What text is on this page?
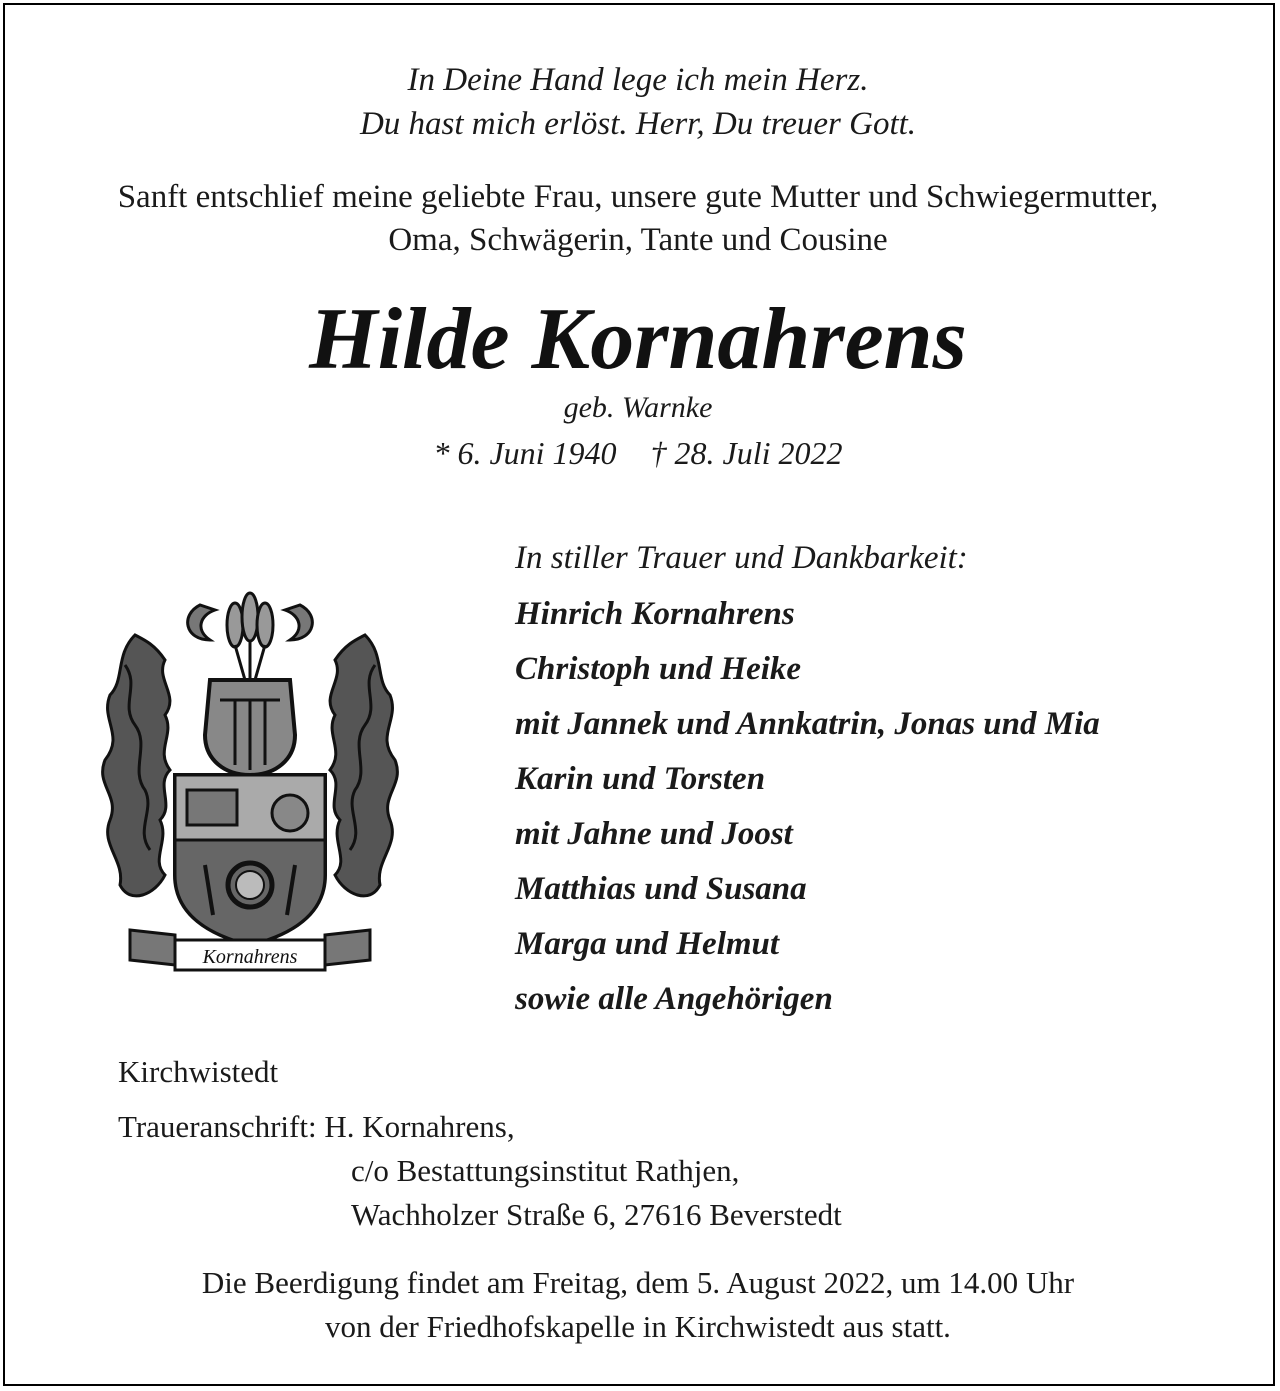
In Deine Hand lege ich mein Herz.
Du hast mich erlöst. Herr, Du treuer Gott.
Sanft entschlief meine geliebte Frau, unsere gute Mutter und Schwiegermutter,
Oma, Schwägerin, Tante und Cousine
Hilde Kornahrens
geb. Warnke
* 6. Juni 1940 † 28. Juli 2022
In stiller Trauer und Dankbarkeit:
Hinrich Kornahrens
Christoph und Heike
mit Jannek und Annkatrin, Jonas und Mia
Karin und Torsten
mit Jahne und Joost
Matthias und Susana
Marga und Helmut
sowie alle Angehörigen
Kornahrens
Kirchwistedt
Traueranschrift: H. Kornahrens,
c/o Bestattungsinstitut Rathjen,
Wachholzer Straße 6, 27616 Beverstedt
Die Beerdigung findet am Freitag, dem 5. August 2022, um 14.00 Uhr
von der Friedhofskapelle in Kirchwistedt aus statt.
